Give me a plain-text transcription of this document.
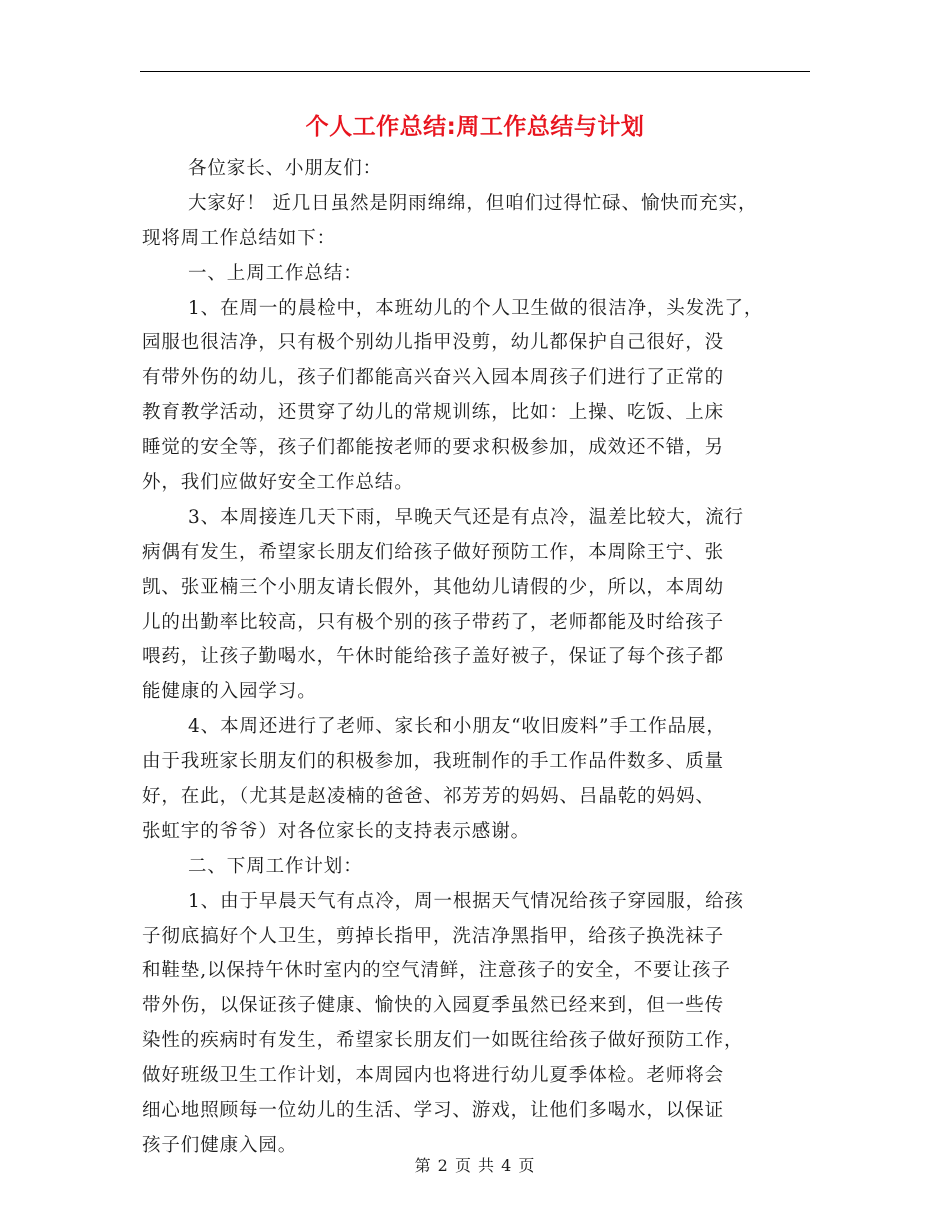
个人工作总结:周工作总结与计划
各位家长、小朋友们：
大家好！ 近几日虽然是阴雨绵绵，但咱们过得忙碌、愉快而充实，
现将周工作总结如下：
一、上周工作总结：
1、在周一的晨检中，本班幼儿的个人卫生做的很洁净，头发洗了，
园服也很洁净，只有极个别幼儿指甲没剪，幼儿都保护自己很好，没
有带外伤的幼儿，孩子们都能高兴奋兴入园本周孩子们进行了正常的
教育教学活动，还贯穿了幼儿的常规训练，比如：上操、吃饭、上床
睡觉的安全等，孩子们都能按老师的要求积极参加，成效还不错，另
外，我们应做好安全工作总结。
3、本周接连几天下雨，早晚天气还是有点冷，温差比较大，流行
病偶有发生，希望家长朋友们给孩子做好预防工作，本周除王宁、张
凯、张亚楠三个小朋友请长假外，其他幼儿请假的少，所以，本周幼
儿的出勤率比较高，只有极个别的孩子带药了，老师都能及时给孩子
喂药，让孩子勤喝水，午休时能给孩子盖好被子，保证了每个孩子都
能健康的入园学习。
4、本周还进行了老师、家长和小朋友“收旧废料”手工作品展，
由于我班家长朋友们的积极参加，我班制作的手工作品件数多、质量
好，在此，（尤其是赵凌楠的爸爸、祁芳芳的妈妈、吕晶乾的妈妈、
张虹宇的爷爷）对各位家长的支持表示感谢。
二、下周工作计划：
1、由于早晨天气有点冷，周一根据天气情况给孩子穿园服，给孩
子彻底搞好个人卫生，剪掉长指甲，洗洁净黑指甲，给孩子换洗袜子
和鞋垫,以保持午休时室内的空气清鲜，注意孩子的安全，不要让孩子
带外伤，以保证孩子健康、愉快的入园夏季虽然已经来到，但一些传
染性的疾病时有发生，希望家长朋友们一如既往给孩子做好预防工作，
做好班级卫生工作计划，本周园内也将进行幼儿夏季体检。老师将会
细心地照顾每一位幼儿的生活、学习、游戏，让他们多喝水，以保证
孩子们健康入园。
第 2 页 共 4 页
